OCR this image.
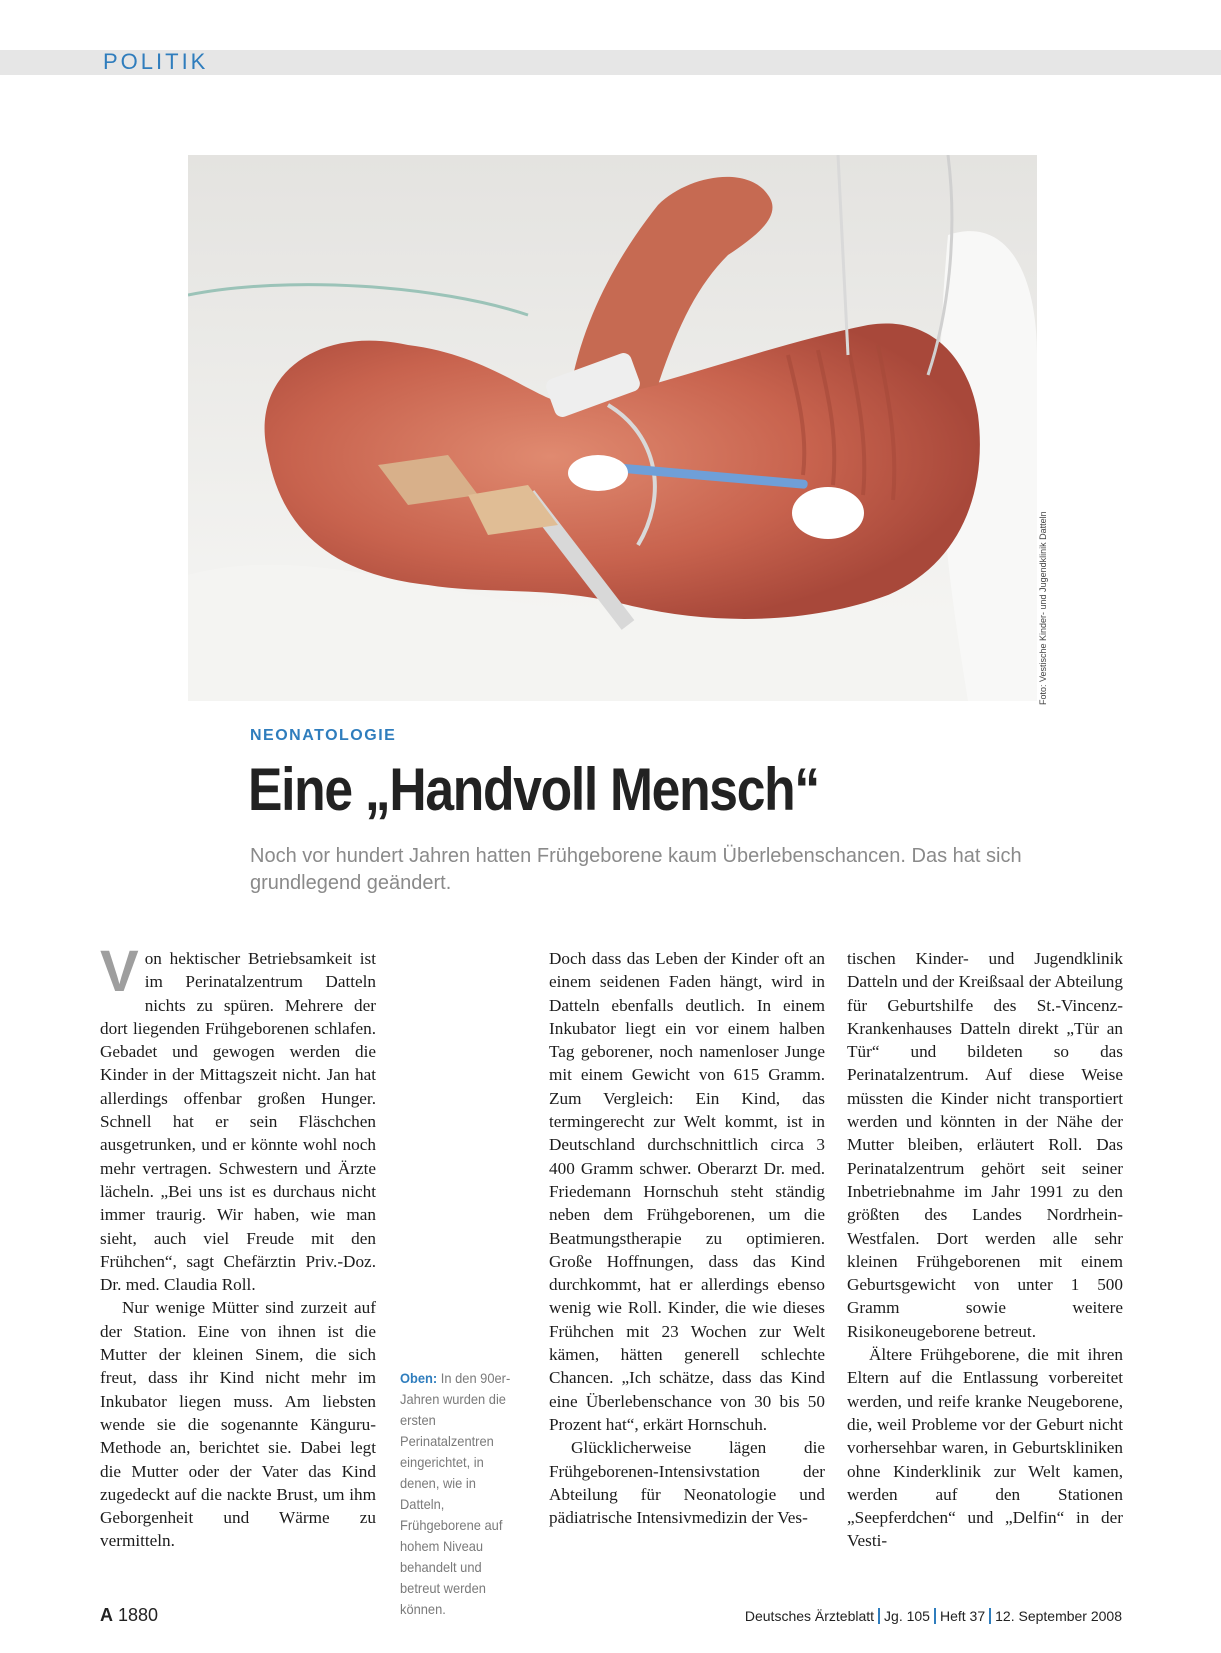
POLITIK
Foto: Vestische Kinder- und Jugendklinik Datteln
NEONATOLOGIE
Eine „Handvoll Mensch“

Noch vor hundert Jahren hatten Frühgeborene kaum Überlebenschancen. Das hat sich grundlegend geändert.

Von hektischer Betriebsamkeit ist im Perinatalzentrum Datteln nichts zu spüren. Mehrere der dort liegenden Frühgeborenen schlafen. Gebadet und gewogen werden die Kinder in der Mittagszeit nicht. Jan hat allerdings offenbar großen Hunger. Schnell hat er sein Fläschchen ausgetrunken, und er könnte wohl noch mehr vertragen. Schwestern und Ärzte lächeln. „Bei uns ist es durchaus nicht immer traurig. Wir haben, wie man sieht, auch viel Freude mit den Frühchen“, sagt Chefärztin Priv.-Doz. Dr. med. Claudia Roll.

Nur wenige Mütter sind zurzeit auf der Station. Eine von ihnen ist die Mutter der kleinen Sinem, die sich freut, dass ihr Kind nicht mehr im Inkubator liegen muss. Am liebsten wende sie die sogenannte Känguru-Methode an, berichtet sie. Dabei legt die Mutter oder der Vater das Kind zugedeckt auf die nackte Brust, um ihm Geborgenheit und Wärme zu vermitteln.

Oben: In den 90er-Jahren wurden die ersten Perinatalzentren eingerichtet, in denen, wie in Datteln, Frühgeborene auf hohem Niveau behandelt und betreut werden können.

Doch dass das Leben der Kinder oft an einem seidenen Faden hängt, wird in Datteln ebenfalls deutlich. In einem Inkubator liegt ein vor einem halben Tag geborener, noch namenloser Junge mit einem Gewicht von 615 Gramm. Zum Vergleich: Ein Kind, das termingerecht zur Welt kommt, ist in Deutschland durchschnittlich circa 3 400 Gramm schwer. Oberarzt Dr. med. Friedemann Hornschuh steht ständig neben dem Frühgeborenen, um die Beatmungstherapie zu optimieren. Große Hoffnungen, dass das Kind durchkommt, hat er allerdings ebenso wenig wie Roll. Kinder, die wie dieses Frühchen mit 23 Wochen zur Welt kämen, hätten generell schlechte Chancen. „Ich schätze, dass das Kind eine Überlebenschance von 30 bis 50 Prozent hat“, erkärt Hornschuh.

Glücklicherweise lägen die Frühgeborenen-Intensivstation der Abteilung für Neonatologie und pädiatrische Intensivmedizin der Ves-

tischen Kinder- und Jugendklinik Datteln und der Kreißsaal der Abteilung für Geburtshilfe des St.-Vincenz-Krankenhauses Datteln direkt „Tür an Tür“ und bildeten so das Perinatalzentrum. Auf diese Weise müssten die Kinder nicht transportiert werden und könnten in der Nähe der Mutter bleiben, erläutert Roll. Das Perinatalzentrum gehört seit seiner Inbetriebnahme im Jahr 1991 zu den größten des Landes Nordrhein-Westfalen. Dort werden alle sehr kleinen Frühgeborenen mit einem Geburtsgewicht von unter 1 500 Gramm sowie weitere Risikoneugeborene betreut.

Ältere Frühgeborene, die mit ihren Eltern auf die Entlassung vorbereitet werden, und reife kranke Neugeborene, die, weil Probleme vor der Geburt nicht vorhersehbar waren, in Geburtskliniken ohne Kinderklinik zur Welt kamen, werden auf den Stationen „Seepferdchen“ und „Delfin“ in der Vesti-

A 1880	Deutsches Ärzteblatt Jg. 105 Heft 37 12. September 2008
